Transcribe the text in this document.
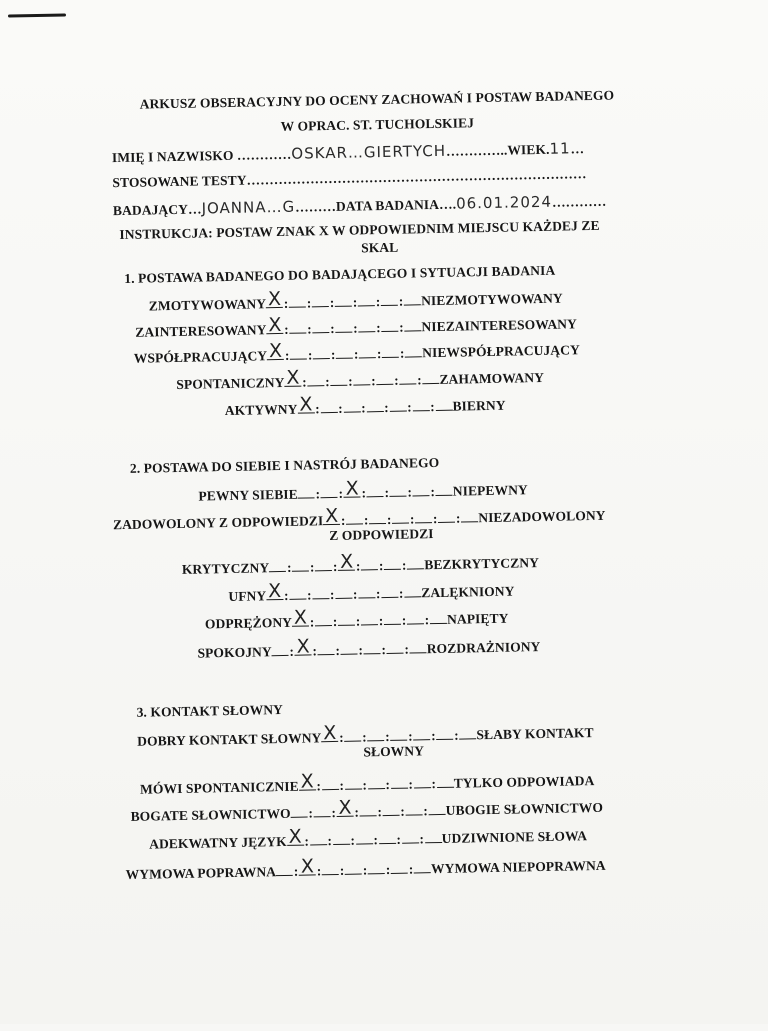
ARKUSZ OBSERACYJNY DO OCENY ZACHOWAŃ I POSTAW BADANEGO
W OPRAC. ST. TUCHOLSKIEJ
IMIĘ I NAZWISKO …………OSKAR…GIERTYCH…………..WIEK.11…
STOSOWANE TESTY…………………………………………………………………
BADAJĄCY…JOANNA…G………DATA BADANIA….06.01.2024…………
INSTRUKCJA: POSTAW ZNAK X W ODPOWIEDNIM MIEJSCU KAŻDEJ ZE
SKAL
1. POSTAWA BADANEGO DO BADAJĄCEGO I SYTUACJI BADANIA
ZMOTYWOWANY X : : : : : : NIEZMOTYWOWANY
ZAINTERESOWANY X : : : : : : NIEZAINTERESOWANY
WSPÓŁPRACUJĄCY X : : : : : : NIEWSPÓŁPRACUJĄCY
SPONTANICZNY X : : : : : : ZAHAMOWANY
AKTYWNY X : : : : : : BIERNY
2. POSTAWA DO SIEBIE I NASTRÓJ BADANEGO
PEWNY SIEBIE : : X : : : : NIEPEWNY
ZADOWOLONY Z ODPOWIEDZI X : : : : : : NIEZADOWOLONY
Z ODPOWIEDZI
KRYTYCZNY : : : X : : : BEZKRYTYCZNY
UFNY X : : : : : : ZALĘKNIONY
ODPRĘŻONY X : : : : : : NAPIĘTY
SPOKOJNY : X : : : : : ROZDRAŻNIONY
3. KONTAKT SŁOWNY
DOBRY KONTAKT SŁOWNY X : : : : : : SŁABY KONTAKT
SŁOWNY
MÓWI SPONTANICZNIE X : : : : : : TYLKO ODPOWIADA
BOGATE SŁOWNICTWO : : X : : : : UBOGIE SŁOWNICTWO
ADEKWATNY JĘZYK X : : : : : : UDZIWNIONE SŁOWA
WYMOWA POPRAWNA : X : : : : : WYMOWA NIEPOPRAWNA
